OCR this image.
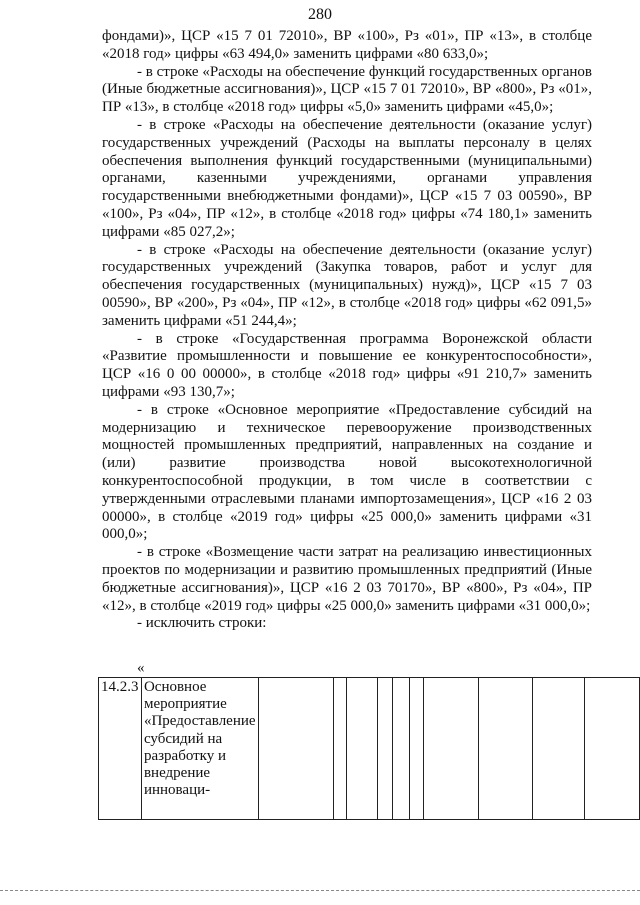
280

фондами)», ЦСР «15 7 01 72010», ВР «100», Рз «01», ПР «13», в столбце «2018 год» цифры «63 494,0» заменить цифрами «80 633,0»;

- в строке «Расходы на обеспечение функций государственных органов (Иные бюджетные ассигнования)», ЦСР «15 7 01 72010», ВР «800», Рз «01», ПР «13», в столбце «2018 год» цифры «5,0» заменить цифрами «45,0»;

- в строке «Расходы на обеспечение деятельности (оказание услуг) государственных учреждений (Расходы на выплаты персоналу в целях обеспечения выполнения функций государственными (муниципальными) органами, казенными учреждениями, органами управления государственными внебюджетными фондами)», ЦСР «15 7 03 00590», ВР «100», Рз «04», ПР «12», в столбце «2018 год» цифры «74 180,1» заменить цифрами «85 027,2»;

- в строке «Расходы на обеспечение деятельности (оказание услуг) государственных учреждений (Закупка товаров, работ и услуг для обеспечения государственных (муниципальных) нужд)», ЦСР «15 7 03 00590», ВР «200», Рз «04», ПР «12», в столбце «2018 год» цифры «62 091,5» заменить цифрами «51 244,4»;

- в строке «Государственная программа Воронежской области «Развитие промышленности и повышение ее конкурентоспособности», ЦСР «16 0 00 00000», в столбце «2018 год» цифры «91 210,7» заменить цифрами «93 130,7»;

- в строке «Основное мероприятие «Предоставление субсидий на модернизацию и техническое перевооружение производственных мощностей промышленных предприятий, направленных на создание и (или) развитие производства новой высокотехнологичной конкурентоспособной продукции, в том числе в соответствии с утвержденными отраслевыми планами импортозамещения», ЦСР «16 2 03 00000», в столбце «2019 год» цифры «25 000,0» заменить цифрами «31 000,0»;

- в строке «Возмещение части затрат на реализацию инвестиционных проектов по модернизации и развитию промышленных предприятий (Иные бюджетные ассигнования)», ЦСР «16 2 03 70170», ВР «800», Рз «04», ПР «12», в столбце «2019 год» цифры «25 000,0» заменить цифрами «31 000,0»;

- исключить строки:

«
14.2.3	Основное мероприятие «Предоставление субсидий на разработку и внедрение инноваци-										
